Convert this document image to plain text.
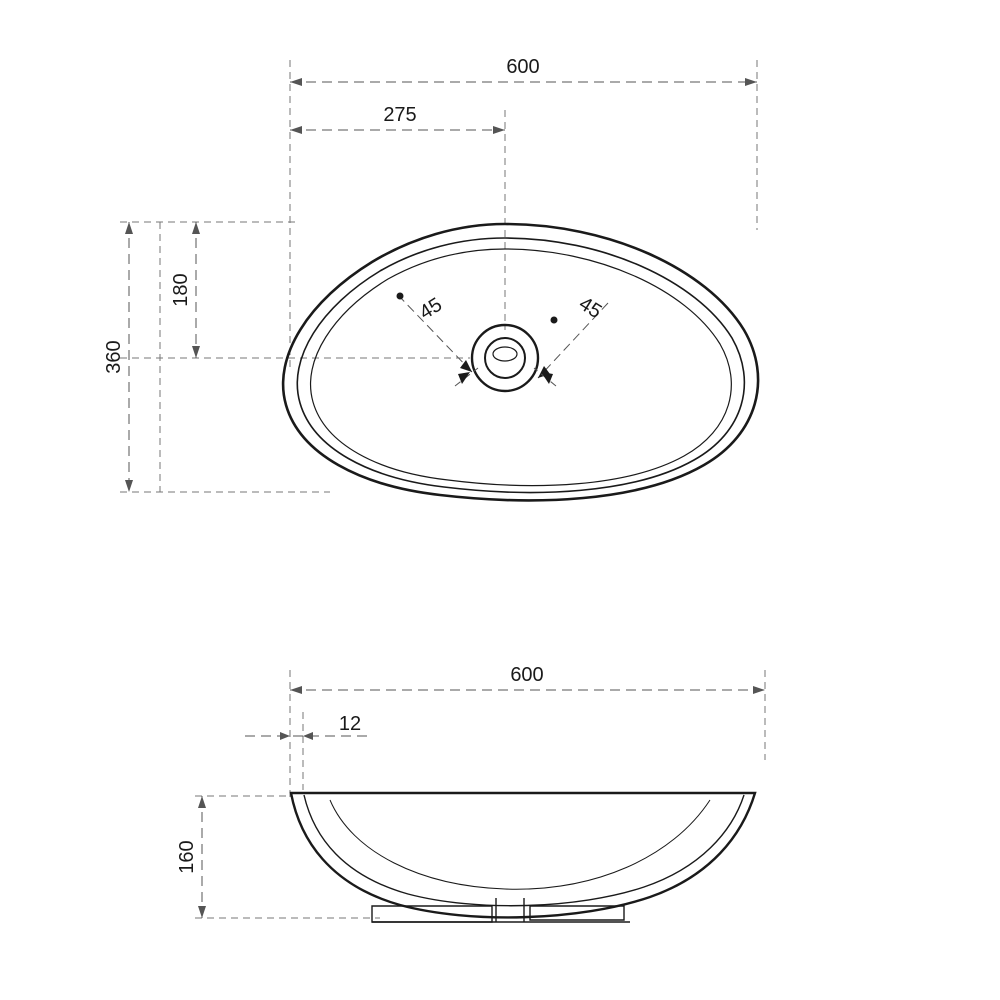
600
275
360
180
45	45
600
12
160
